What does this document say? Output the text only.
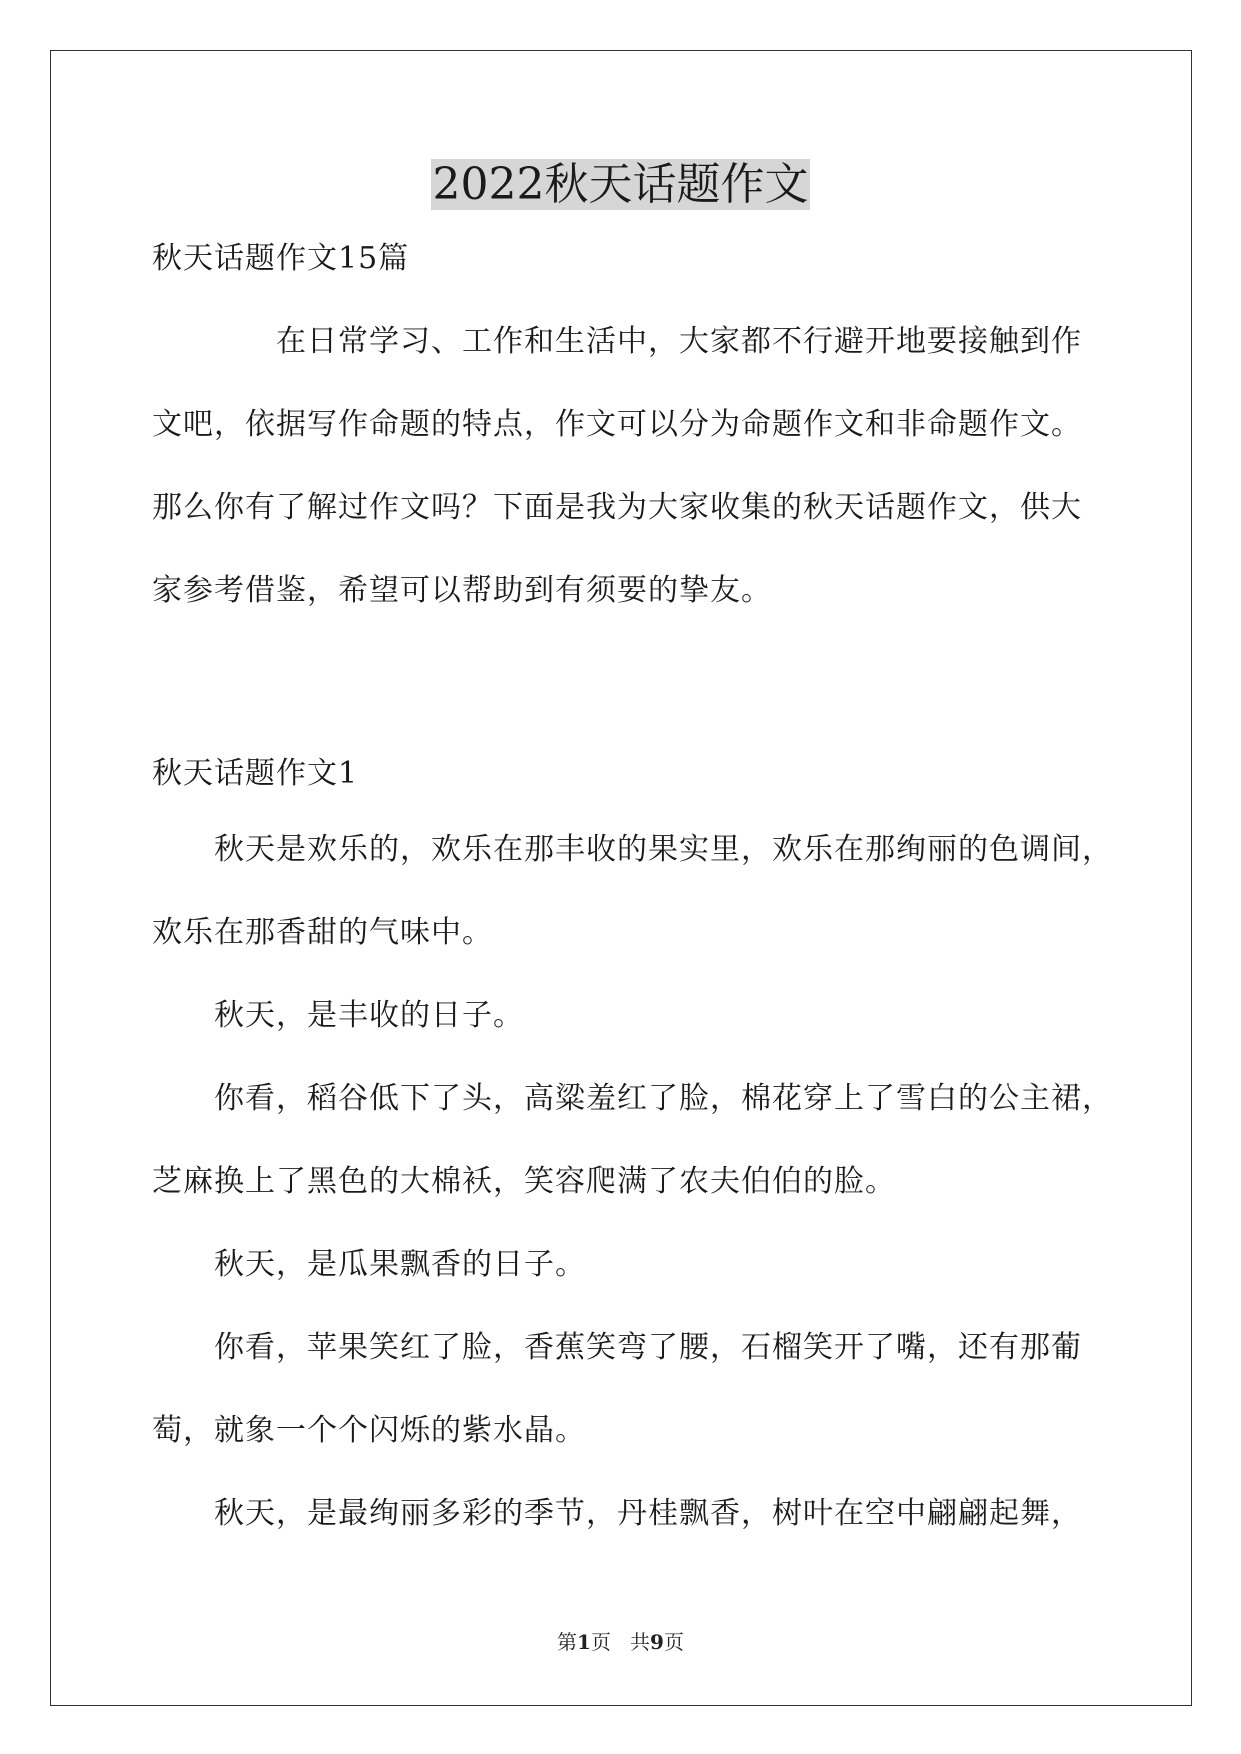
2022秋天话题作文
秋天话题作文15篇
在日常学习、工作和生活中，大家都不行避开地要接触到作
文吧，依据写作命题的特点，作文可以分为命题作文和非命题作文。
那么你有了解过作文吗？下面是我为大家收集的秋天话题作文，供大
家参考借鉴，希望可以帮助到有须要的挚友。
秋天话题作文1
秋天是欢乐的，欢乐在那丰收的果实里，欢乐在那绚丽的色调间，
欢乐在那香甜的气味中。
秋天，是丰收的日子。
你看，稻谷低下了头，高粱羞红了脸，棉花穿上了雪白的公主裙，
芝麻换上了黑色的大棉袄，笑容爬满了农夫伯伯的脸。
秋天，是瓜果飘香的日子。
你看，苹果笑红了脸，香蕉笑弯了腰，石榴笑开了嘴，还有那葡
萄，就象一个个闪烁的紫水晶。
秋天，是最绚丽多彩的季节，丹桂飘香，树叶在空中翩翩起舞，
第1页   共9页
